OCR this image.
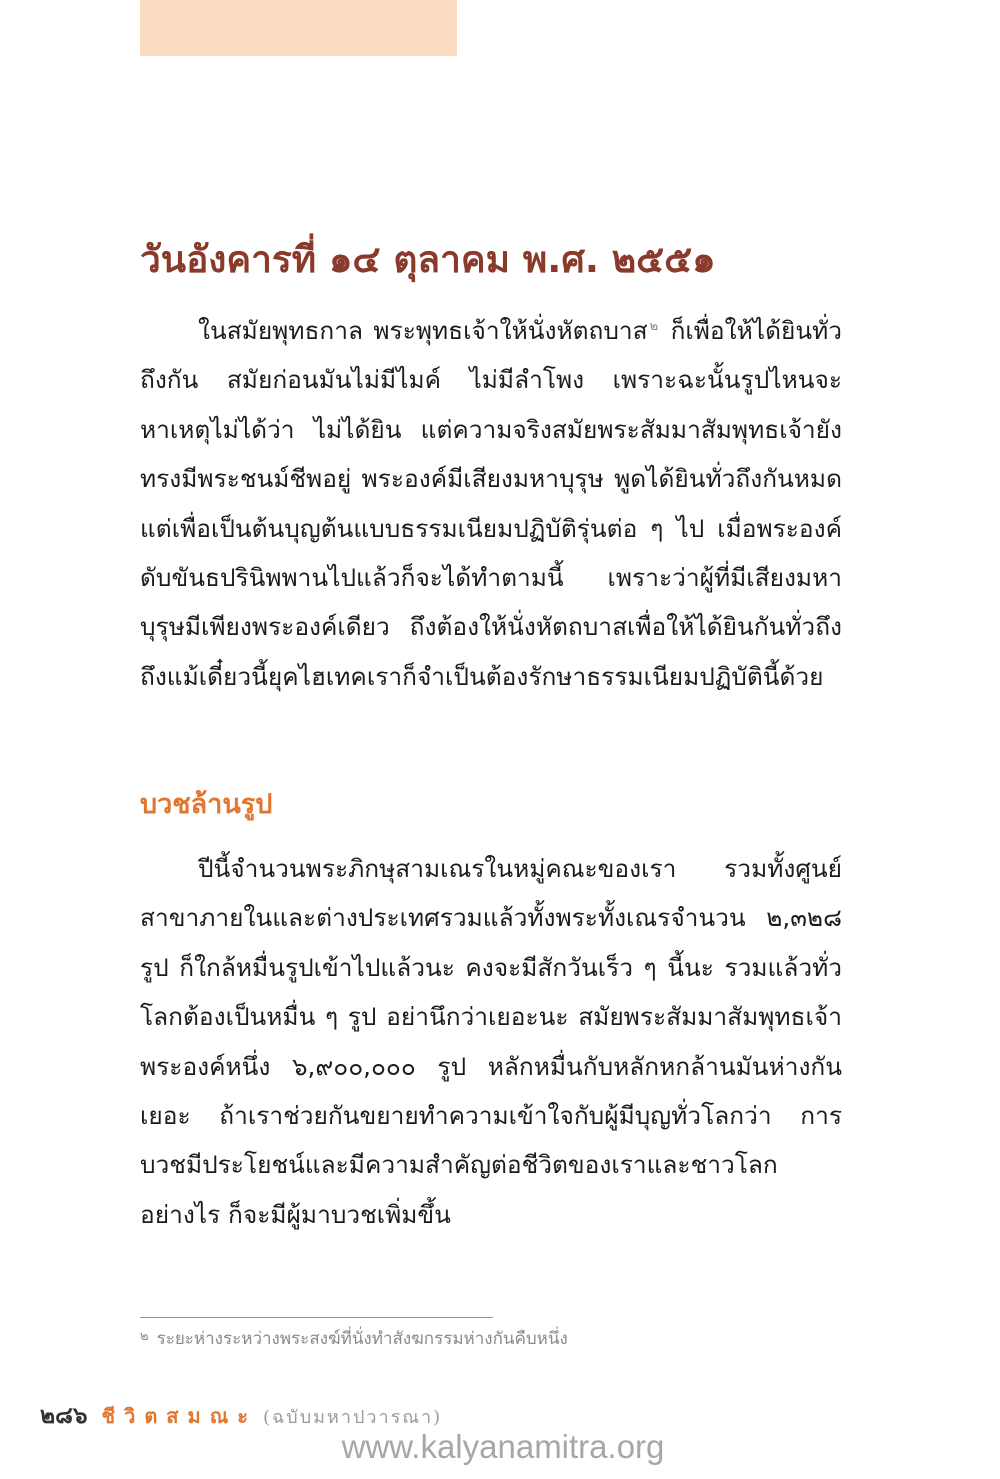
วันอังคารที่ ๑๔ ตุลาคม พ.ศ. ๒๕๕๑

ในสมัยพุทธกาล พระพุทธเจ้าให้นั่งหัตถบาส $^๒$ ก็เพื่อให้ได้ยินทั่วถึงกัน สมัยก่อนมันไม่มีไมค์ ไม่มีลำโพง เพราะฉะนั้นรูปไหนจะหาเหตุไม่ได้ว่า ไม่ได้ยิน แต่ความจริงสมัยพระสัมมาสัมพุทธเจ้ายังทรงมีพระชนม์ชีพอยู่ พระองค์มีเสียงมหาบุรุษ พูดได้ยินทั่วถึงกันหมด แต่เพื่อเป็นต้นบุญต้นแบบธรรมเนียมปฏิบัติรุ่นต่อ ๆ ไป เมื่อพระองค์ดับขันธปรินิพพานไปแล้วก็จะได้ทำตามนี้ เพราะว่าผู้ที่มีเสียงมหาบุรุษมีเพียงพระองค์เดียว ถึงต้องให้นั่งหัตถบาสเพื่อให้ได้ยินกันทั่วถึง ถึงแม้เดี๋ยวนี้ยุคไฮเทคเราก็จำเป็นต้องรักษาธรรมเนียมปฏิบัตินี้ด้วย

บวชล้านรูป

ปีนี้จำนวนพระภิกษุสามเณรในหมู่คณะของเรา รวมทั้งศูนย์สาขาภายในและต่างประเทศรวมแล้วทั้งพระทั้งเณรจำนวน ๒,๓๒๘ รูป ก็ใกล้หมื่นรูปเข้าไปแล้วนะ คงจะมีสักวันเร็ว ๆ นี้นะ รวมแล้วทั่วโลกต้องเป็นหมื่น ๆ รูป อย่านึกว่าเยอะนะ สมัยพระสัมมาสัมพุทธเจ้าพระองค์หนึ่ง ๖,๙๐๐,๐๐๐ รูป หลักหมื่นกับหลักหกล้านมันห่างกันเยอะ ถ้าเราช่วยกันขยายทำความเข้าใจกับผู้มีบุญทั่วโลกว่า การบวชมีประโยชน์และมีความสำคัญต่อชีวิตของเราและชาวโลกอย่างไร ก็จะมีผู้มาบวชเพิ่มขึ้น

$^๒$ ระยะห่างระหว่างพระสงฆ์ที่นั่งทำสังฆกรรมห่างกันคืบหนึ่ง
๒๘๖ ชีวิตสมณะ (ฉบับมหาปวารณา)
www.kalyanamitra.org
